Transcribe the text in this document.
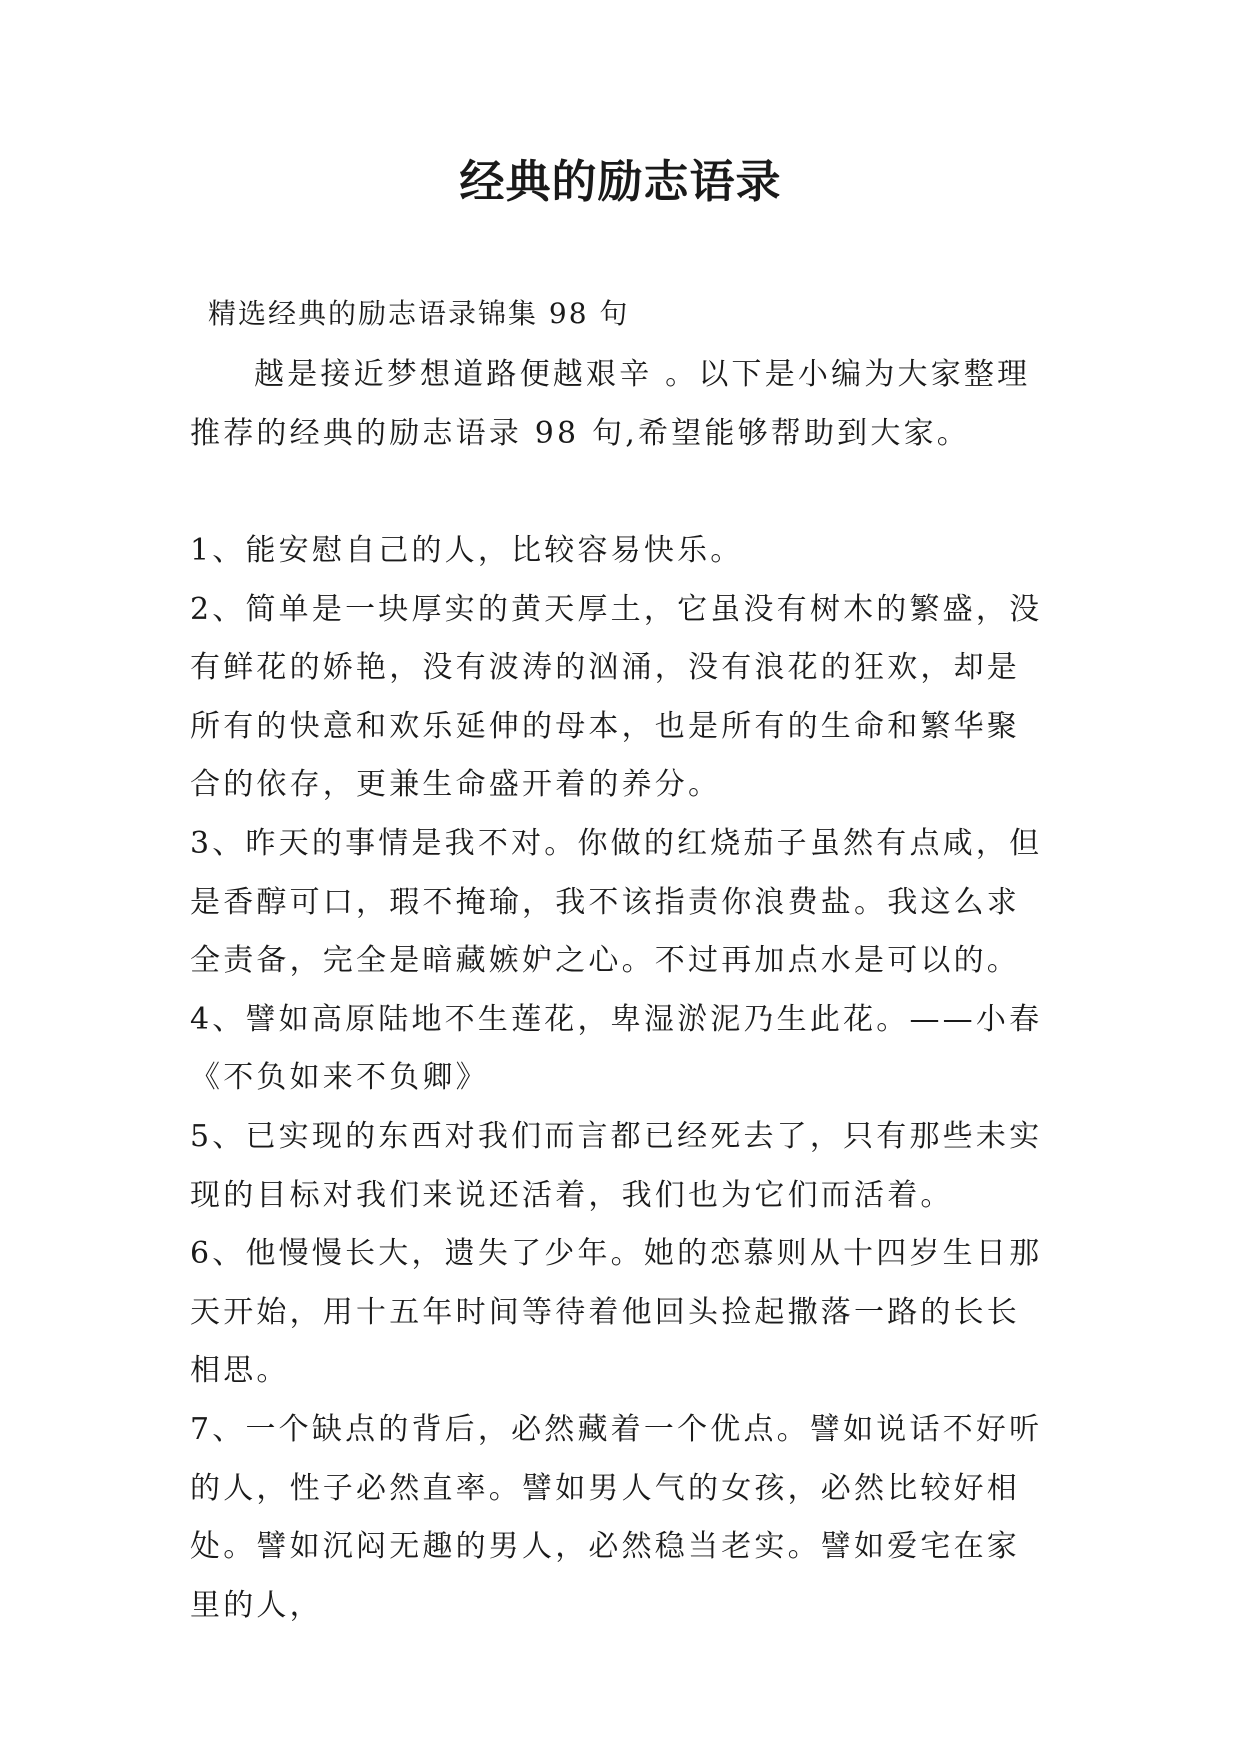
经典的励志语录
精选经典的励志语录锦集 98 句
越是接近梦想道路便越艰辛 。以下是小编为大家整理推荐的经典的励志语录 98 句,希望能够帮助到大家。

1、能安慰自己的人，比较容易快乐。

2、简单是一块厚实的黄天厚土，它虽没有树木的繁盛，没有鲜花的娇艳，没有波涛的汹涌，没有浪花的狂欢，却是所有的快意和欢乐延伸的母本，也是所有的生命和繁华聚合的依存，更兼生命盛开着的养分。

3、昨天的事情是我不对。你做的红烧茄子虽然有点咸，但是香醇可口，瑕不掩瑜，我不该指责你浪费盐。我这么求全责备，完全是暗藏嫉妒之心。不过再加点水是可以的。

4、譬如高原陆地不生莲花，卑湿淤泥乃生此花。——小春《不负如来不负卿》

5、已实现的东西对我们而言都已经死去了，只有那些未实现的目标对我们来说还活着，我们也为它们而活着。

6、他慢慢长大，遗失了少年。她的恋慕则从十四岁生日那天开始，用十五年时间等待着他回头捡起撒落一路的长长相思。

7、一个缺点的背后，必然藏着一个优点。譬如说话不好听的人，性子必然直率。譬如男人气的女孩，必然比较好相处。譬如沉闷无趣的男人，必然稳当老实。譬如爱宅在家里的人，
